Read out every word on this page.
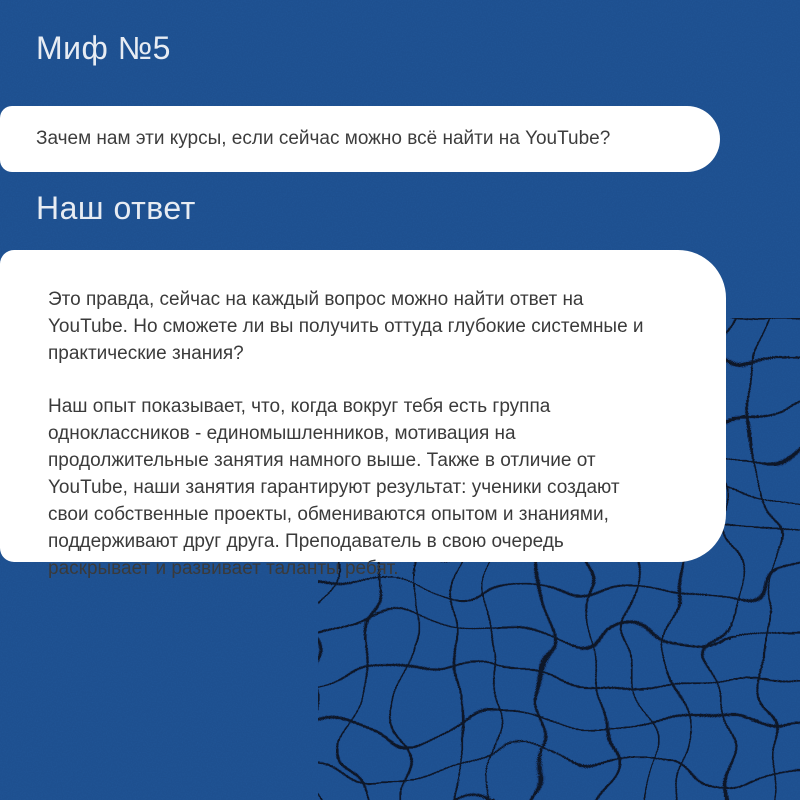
Миф №5

Зачем нам эти курсы, если сейчас можно всё найти на YouTube?

Наш ответ

Это правда, сейчас на каждый вопрос можно найти ответ на YouTube. Но сможете ли вы получить оттуда глубокие системные и практические знания?

Наш опыт показывает, что, когда вокруг тебя есть группа одноклассников - единомышленников, мотивация на продолжительные занятия намного выше. Также в отличие от YouTube, наши занятия гарантируют результат: ученики создают свои собственные проекты, обмениваются опытом и знаниями, поддерживают друг друга. Преподаватель в свою очередь раскрывает и развивает таланты ребят.
